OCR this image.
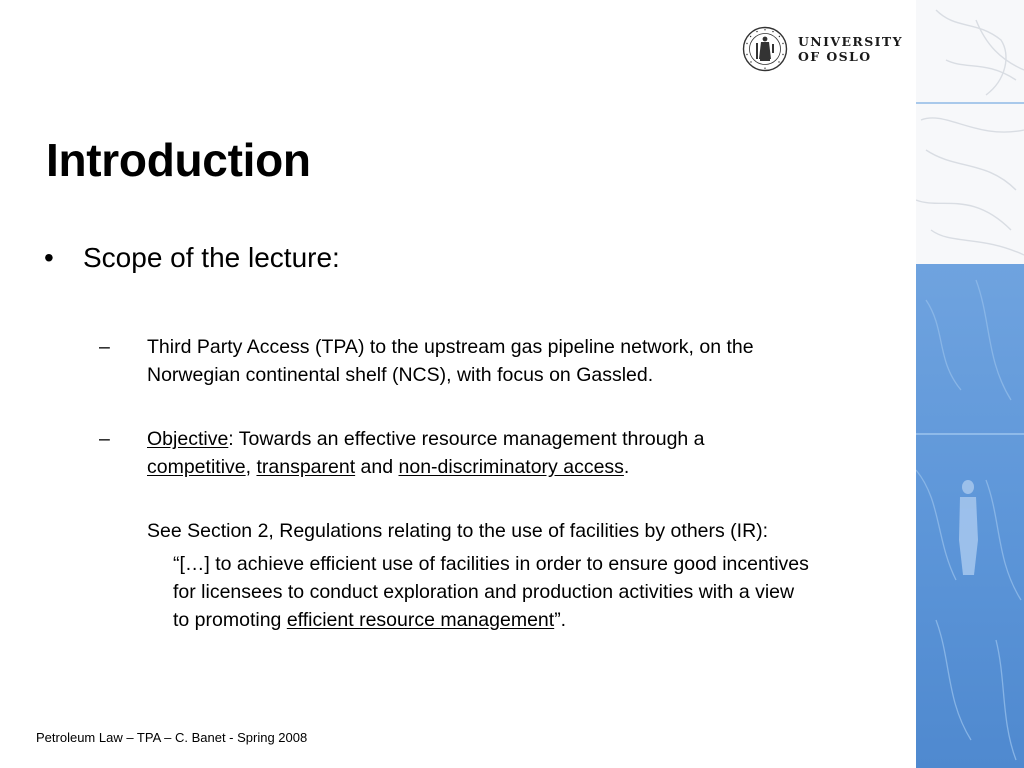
UNIVERSITY
OF OSLO
Introduction
• Scope of the lecture:
– Third Party Access (TPA) to the upstream gas pipeline network, on the
Norwegian continental shelf (NCS), with focus on Gassled.
– Objective: Towards an effective resource management through a
competitive, transparent and non-discriminatory access.
See Section 2, Regulations relating to the use of facilities by others (IR):
“[…] to achieve efficient use of facilities in order to ensure good incentives
for licensees to conduct exploration and production activities with a view
to promoting efficient resource management”.
Petroleum Law – TPA – C. Banet - Spring 2008
